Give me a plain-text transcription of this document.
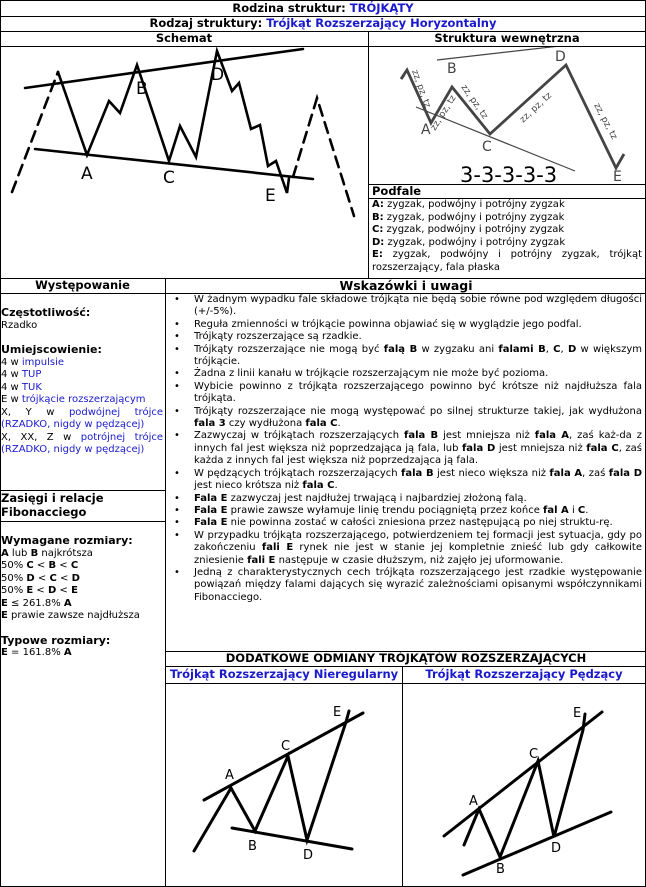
Rodzina struktur: TRÓJKĄTY
Rodzaj struktury: Trójkąt Rozszerzający Horyzontalny
Schemat	Struktura wewnętrzna
A
B
C
D
E
zz, pz, tz
zz, pz, tz zz, pz, tz	zz, pz, tz	zz, pz, tz
A
B
C
D
E
3-3-3-3-3
Podfale
A: zygzak, podwójny i potrójny zygzak
B: zygzak, podwójny i potrójny zygzak
C: zygzak, podwójny i potrójny zygzak
D: zygzak, podwójny i potrójny zygzak
E: zygzak, podwójny i potrójny zygzak, trójkąt rozszerzający, fala płaska
Występowanie
Częstotliwość:
Rzadko
Umiejscowienie:
4 w impulsie
4 w TUP
4 w TUK
E w trójkącie rozszerzającym
X, Y w podwójnej trójce (RZADKO, nigdy w pędzącej)
X, XX, Z w potrójnej trójce (RZADKO, nigdy w pędzącej)
Zasięgi i relacje Fibonacciego
Wymagane rozmiary:
A lub B najkrótsza
50% C < B < C
50% D < C < D
50% E < D < E
E ≤ 261.8% A
E prawie zawsze najdłuższa
Typowe rozmiary:
E = 161.8% A
Wskazówki i uwagi
• W żadnym wypadku fale składowe trójkąta nie będą sobie równe pod względem długości (+/-5%).
• Reguła zmienności w trójkącie powinna objawiać się w wyglądzie jego podfal.
• Trójkąty rozszerzające są rzadkie.
• Trójkąty rozszerzające nie mogą być falą B w zygzaku ani falami B, C, D w większym trójkącie.
• Żadna z linii kanału w trójkącie rozszerzającym nie może być pozioma.
• Wybicie powinno z trójkąta rozszerzającego powinno być krótsze niż najdłuższa fala trójkąta.
• Trójkąty rozszerzające nie mogą występować po silnej strukturze takiej, jak wydłużona fala 3 czy wydłużona fala C.
• Zazwyczaj w trójkątach rozszerzających fala B jest mniejsza niż fala A, zaś każ-da z innych fal jest większa niż poprzedzająca ją fala, lub fala D jest mniejsza niż fala C, zaś każda z innych fal jest większa niż poprzedzająca ją fala.
• W pędzących trójkątach rozszerzających fala B jest nieco większa niż fala A, zaś fala D jest nieco krótsza niż fala C.
• Fala E zazwyczaj jest najdłużej trwającą i najbardziej złożoną falą.
• Fala E prawie zawsze wyłamuje linię trendu pociągniętą przez końce fal A i C.
• Fala E nie powinna zostać w całości zniesiona przez następującą po niej struktu-rę.
• W przypadku trójkąta rozszerzającego, potwierdzeniem tej formacji jest sytuacja, gdy po zakończeniu fali E rynek nie jest w stanie jej kompletnie znieść lub gdy całkowite zniesienie fali E następuje w czasie dłuższym, niż zajęło jej uformowanie.
• Jedną z charakterystycznych cech trójkąta rozszerzającego jest rzadkie występowanie powiązań między falami dających się wyrazić zależnościami opisanymi współczynnikami Fibonacciego.
DODATKOWE ODMIANY TRÓJKĄTÓW ROZSZERZAJĄCYCH
Trójkąt Rozszerzający Nieregularny	Trójkąt Rozszerzający Pędzący
A
B
C
D
E
A
B
C
D
E
